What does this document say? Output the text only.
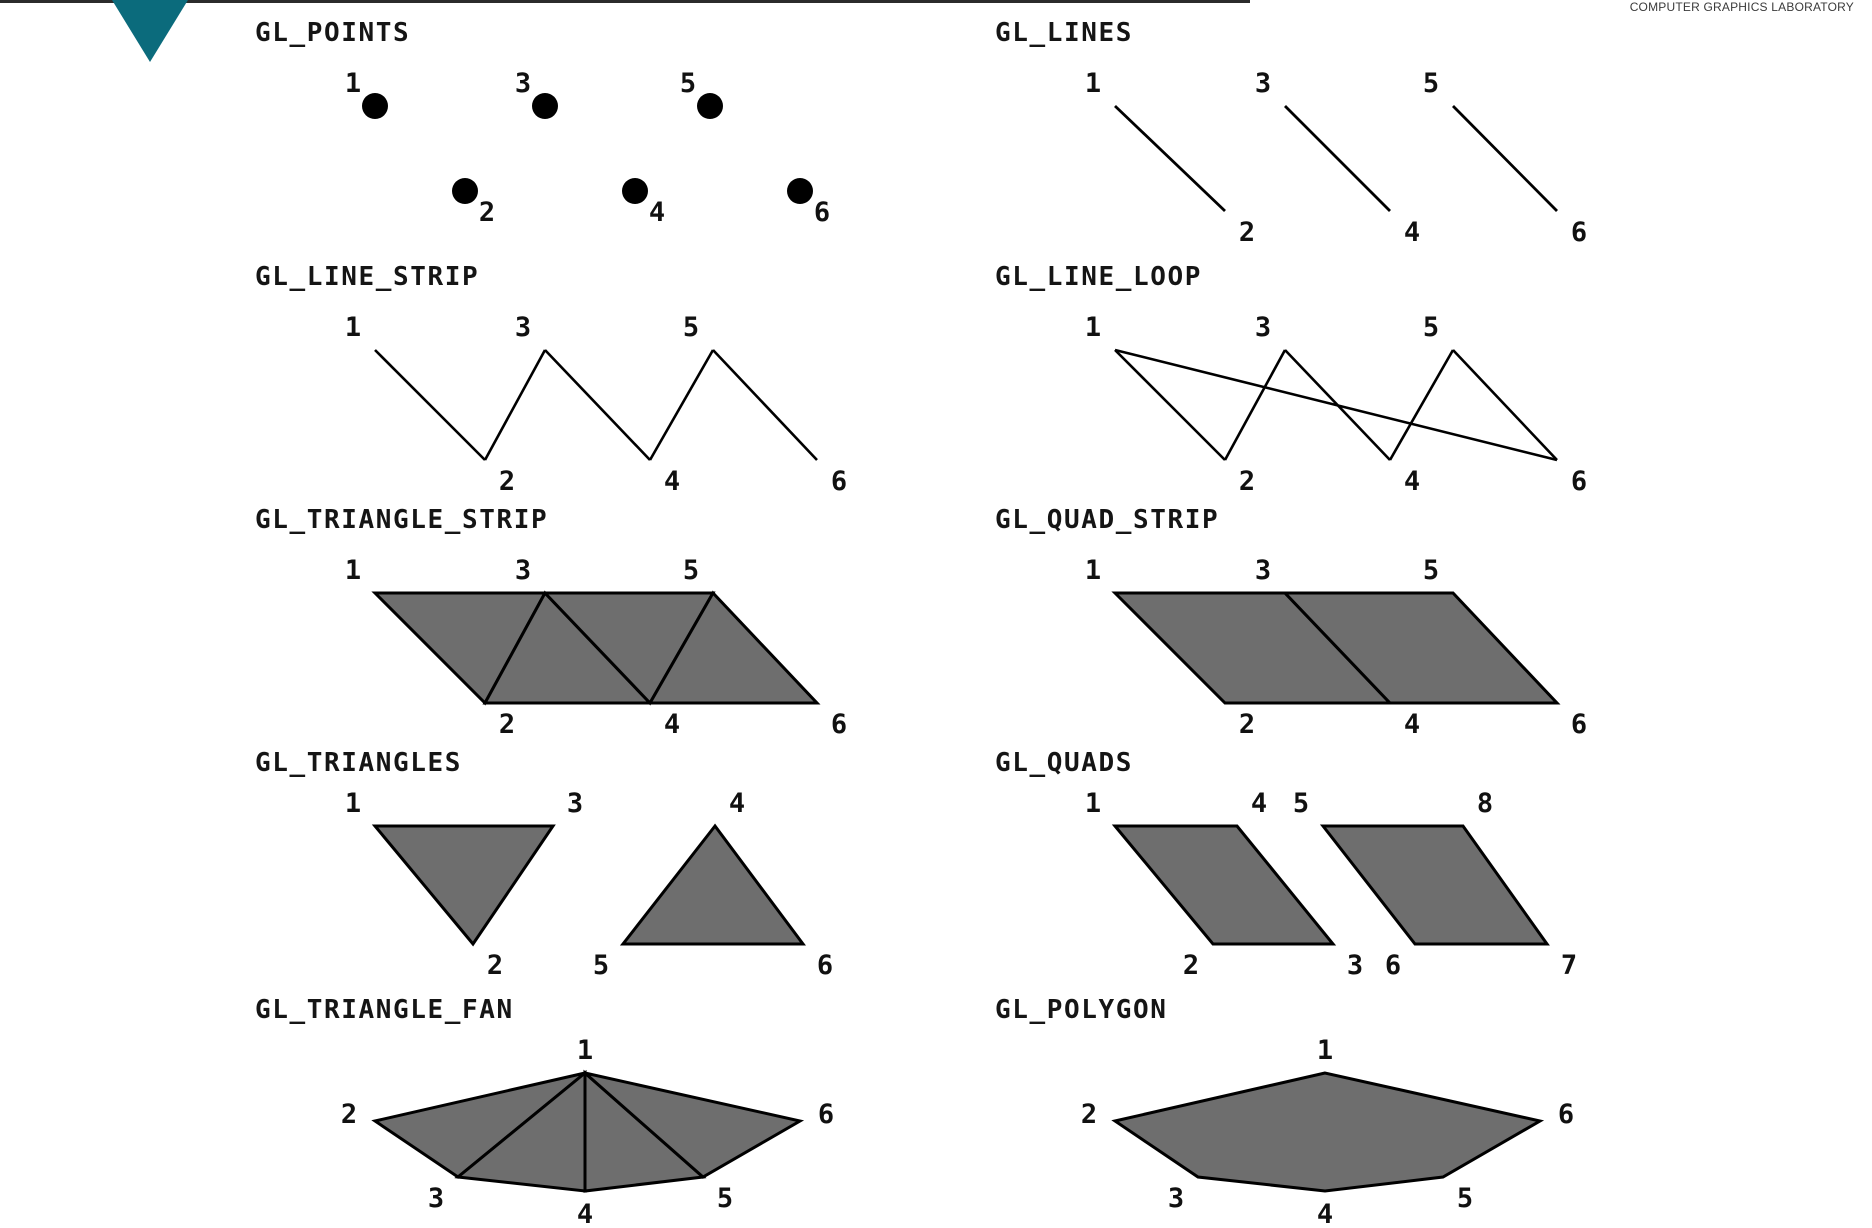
COMPUTER GRAPHICS LABORATORY
GL_POINTS
1
2
3
4
5
6
GL_LINES
1
2
3
4
5
6
GL_LINE_STRIP
1
2
3
4
5
6
GL_LINE_LOOP
1
2
3
4
5
6
GL_TRIANGLE_STRIP
1
2
3
4
5
6
GL_QUAD_STRIP
1
2
3
4
5
6
GL_TRIANGLES
1
2
3	4
5	6
GL_QUADS
1
2	3
4 5
6	7
8
GL_TRIANGLE_FAN
1
2
3
4
5
6
GL_POLYGON
1
2
3
4
5
6
